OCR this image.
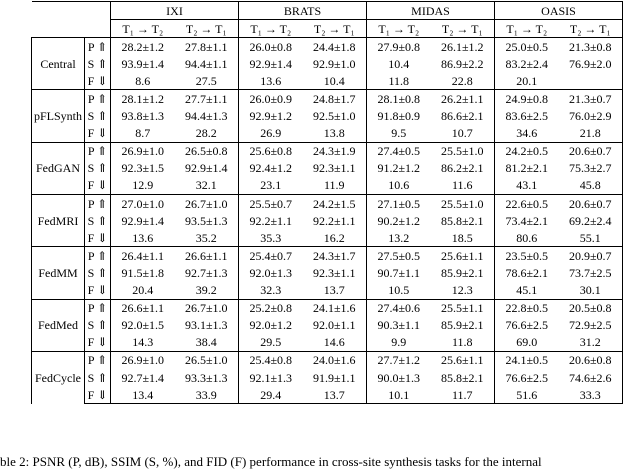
		IXI		BRATS		MIDAS		OASIS	
		T₁ → T₂	T₂ → T₁	T₁ → T₂	T₂ → T₁	T₁ → T₂	T₂ → T₁	T₁ → T₂	T₂ → T₁
Central	P ⇑	28.2±1.2	27.8±1.1	26.0±0.8	24.4±1.8	27.9±0.8	26.1±1.2	25.0±0.5	21.3±0.8
	S ⇑	93.9±1.4	94.4±1.1	92.9±1.4	92.9±1.0	10.4	86.9±2.2	83.2±2.4	76.9±2.0
	F ⇓	8.6	27.5	13.6	10.4	11.8	22.8	20.1	
pFLSynth	P ⇑	28.1±1.2	27.7±1.1	26.0±0.9	24.8±1.7	28.1±0.8	26.2±1.1	24.9±0.8	21.3±0.7
	S ⇑	93.8±1.3	94.4±1.3	92.9±1.2	92.5±1.0	91.8±0.9	86.6±2.1	83.6±2.5	76.0±2.9
	F ⇓	8.7	28.2	26.9	13.8	9.5	10.7	34.6	21.8
FedGAN	P ⇑	26.9±1.0	26.5±0.8	25.6±0.8	24.3±1.9	27.4±0.5	25.5±1.0	24.2±0.5	20.6±0.7
	S ⇑	92.3±1.5	92.9±1.4	92.4±1.2	92.3±1.1	91.2±1.2	86.2±2.1	81.2±2.1	75.3±2.7
	F ⇓	12.9	32.1	23.1	11.9	10.6	11.6	43.1	45.8
FedMRI	P ⇑	27.0±1.0	26.7±1.0	25.5±0.7	24.2±1.5	27.1±0.5	25.5±1.0	22.6±0.5	20.6±0.7
	S ⇑	92.9±1.4	93.5±1.3	92.2±1.1	92.2±1.1	90.2±1.2	85.8±2.1	73.4±2.1	69.2±2.4
	F ⇓	13.6	35.2	35.3	16.2	13.2	18.5	80.6	55.1
FedMM	P ⇑	26.4±1.1	26.6±1.1	25.4±0.7	24.3±1.7	27.5±0.5	25.6±1.1	23.5±0.5	20.9±0.7
	S ⇑	91.5±1.8	92.7±1.3	92.0±1.3	92.3±1.1	90.7±1.1	85.9±2.1	78.6±2.1	73.7±2.5
	F ⇓	20.4	39.2	32.3	13.7	10.5	12.3	45.1	30.1
FedMed	P ⇑	26.6±1.1	26.7±1.0	25.2±0.8	24.1±1.6	27.4±0.6	25.5±1.1	22.8±0.5	20.5±0.8
	S ⇑	92.0±1.5	93.1±1.3	92.0±1.2	92.0±1.1	90.3±1.1	85.9±2.1	76.6±2.5	72.9±2.5
	F ⇓	14.3	38.4	29.5	14.6	9.9	11.8	69.0	31.2
FedCycle	P ⇑	26.9±1.0	26.5±1.0	25.4±0.8	24.0±1.6	27.7±1.2	25.6±1.1	24.1±0.5	20.6±0.8
	S ⇑	92.7±1.4	93.3±1.3	92.1±1.3	91.9±1.1	90.0±1.3	85.8±2.1	76.6±2.5	74.6±2.6
	F ⇓	13.4	33.9	29.4	13.7	10.1	11.7	51.6	33.3
ble 2: PSNR (P, dB), SSIM (S, %), and FID (F) performance in cross-site synthesis tasks for the internal
